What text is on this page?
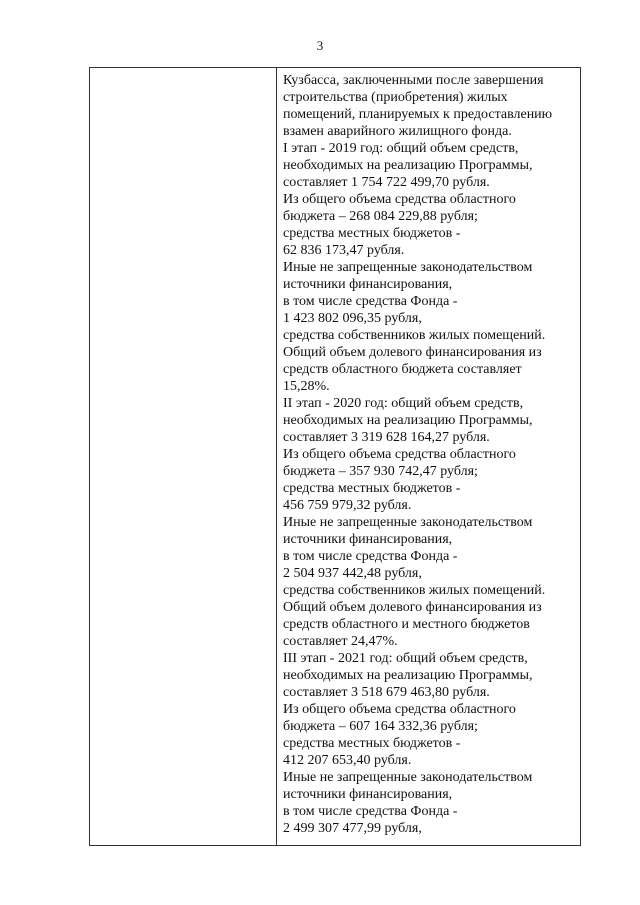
3
Кузбасса, заключенными после завершения
строительства (приобретения) жилых
помещений, планируемых к предоставлению
взамен аварийного жилищного фонда.
I этап - 2019 год: общий объем средств,
необходимых на реализацию Программы,
составляет 1 754 722 499,70 рубля.
Из общего объема средства областного
бюджета – 268 084 229,88 рубля;
средства местных бюджетов -
62 836 173,47 рубля.
Иные не запрещенные законодательством
источники финансирования,
в том числе средства Фонда -
1 423 802 096,35 рубля,
средства собственников жилых помещений.
Общий объем долевого финансирования из
средств областного бюджета составляет
15,28%.
II этап - 2020 год: общий объем средств,
необходимых на реализацию Программы,
составляет 3 319 628 164,27 рубля.
Из общего объема средства областного
бюджета – 357 930 742,47 рубля;
средства местных бюджетов -
456 759 979,32 рубля.
Иные не запрещенные законодательством
источники финансирования,
в том числе средства Фонда -
2 504 937 442,48 рубля,
средства собственников жилых помещений.
Общий объем долевого финансирования из
средств областного и местного бюджетов
составляет 24,47%.
III этап - 2021 год: общий объем средств,
необходимых на реализацию Программы,
составляет 3 518 679 463,80 рубля.
Из общего объема средства областного
бюджета – 607 164 332,36 рубля;
средства местных бюджетов -
412 207 653,40 рубля.
Иные не запрещенные законодательством
источники финансирования,
в том числе средства Фонда -
2 499 307 477,99 рубля,
